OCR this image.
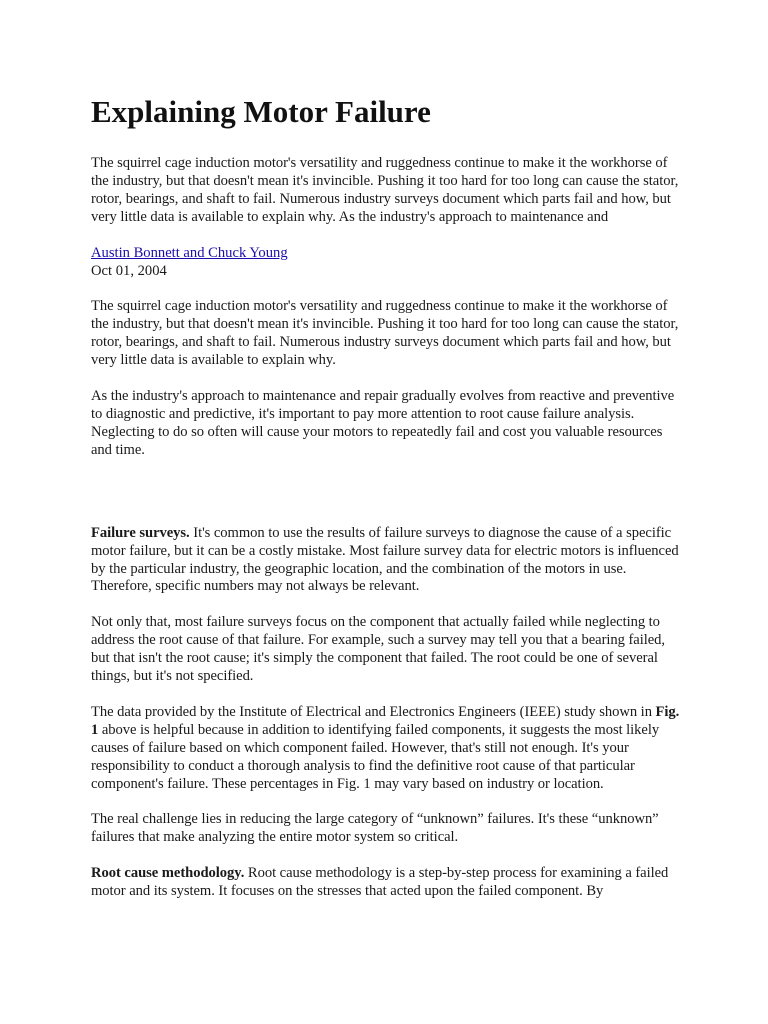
Explaining Motor Failure

The squirrel cage induction motor's versatility and ruggedness continue to make it the workhorse of the industry, but that doesn't mean it's invincible. Pushing it too hard for too long can cause the stator, rotor, bearings, and shaft to fail. Numerous industry surveys document which parts fail and how, but very little data is available to explain why. As the industry's approach to maintenance and

Austin Bonnett and Chuck Young
Oct 01, 2004

The squirrel cage induction motor's versatility and ruggedness continue to make it the workhorse of the industry, but that doesn't mean it's invincible. Pushing it too hard for too long can cause the stator, rotor, bearings, and shaft to fail. Numerous industry surveys document which parts fail and how, but very little data is available to explain why.

As the industry's approach to maintenance and repair gradually evolves from reactive and preventive to diagnostic and predictive, it's important to pay more attention to root cause failure analysis. Neglecting to do so often will cause your motors to repeatedly fail and cost you valuable resources and time.

Failure surveys. It's common to use the results of failure surveys to diagnose the cause of a specific motor failure, but it can be a costly mistake. Most failure survey data for electric motors is influenced by the particular industry, the geographic location, and the combination of the motors in use. Therefore, specific numbers may not always be relevant.

Not only that, most failure surveys focus on the component that actually failed while neglecting to address the root cause of that failure. For example, such a survey may tell you that a bearing failed, but that isn't the root cause; it's simply the component that failed. The root could be one of several things, but it's not specified.

The data provided by the Institute of Electrical and Electronics Engineers (IEEE) study shown in Fig. 1 above is helpful because in addition to identifying failed components, it suggests the most likely causes of failure based on which component failed. However, that's still not enough. It's your responsibility to conduct a thorough analysis to find the definitive root cause of that particular component's failure. These percentages in Fig. 1 may vary based on industry or location.

The real challenge lies in reducing the large category of “unknown” failures. It's these “unknown” failures that make analyzing the entire motor system so critical.

Root cause methodology. Root cause methodology is a step-by-step process for examining a failed motor and its system. It focuses on the stresses that acted upon the failed component. By
